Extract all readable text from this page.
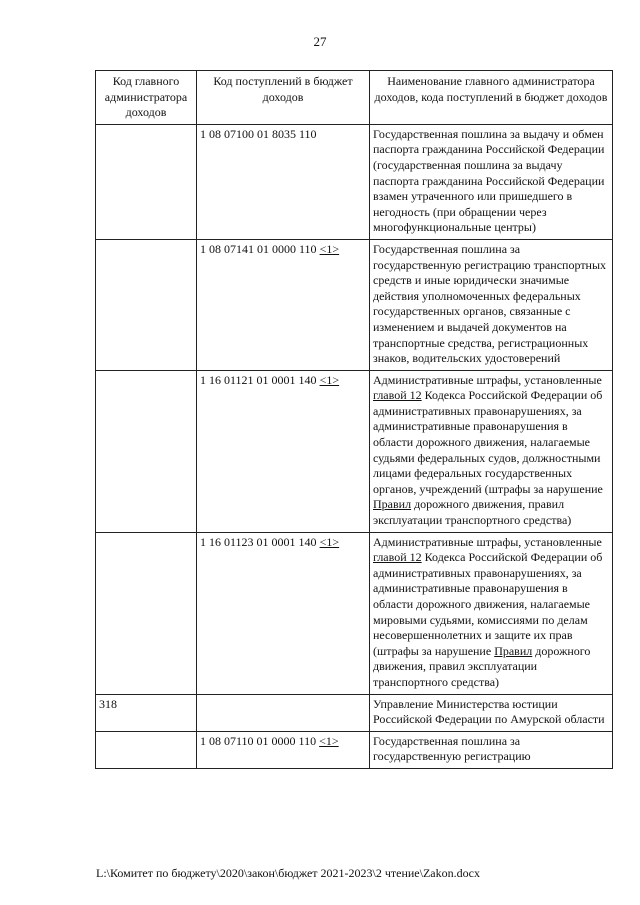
27
Код главного администратора доходов	Код поступлений в бюджет доходов	Наименование главного администратора доходов, кода поступлений в бюджет доходов
	1 08 07100 01 8035 110	Государственная пошлина за выдачу и обмен паспорта гражданина Российской Федерации (государственная пошлина за выдачу паспорта гражданина Российской Федерации взамен утраченного или пришедшего в негодность (при обращении через многофункциональные центры)
	1 08 07141 01 0000 110 <1>	Государственная пошлина за государственную регистрацию транспортных средств и иные юридически значимые действия уполномоченных федеральных государственных органов, связанные с изменением и выдачей документов на транспортные средства, регистрационных знаков, водительских удостоверений
	1 16 01121 01 0001 140 <1>	Административные штрафы, установленные главой 12 Кодекса Российской Федерации об административных правонарушениях, за административные правонарушения в области дорожного движения, налагаемые судьями федеральных судов, должностными лицами федеральных государственных органов, учреждений (штрафы за нарушение Правил дорожного движения, правил эксплуатации транспортного средства)
	1 16 01123 01 0001 140 <1>	Административные штрафы, установленные главой 12 Кодекса Российской Федерации об административных правонарушениях, за административные правонарушения в области дорожного движения, налагаемые мировыми судьями, комиссиями по делам несовершеннолетних и защите их прав (штрафы за нарушение Правил дорожного движения, правил эксплуатации транспортного средства)
318		Управление Министерства юстиции Российской Федерации по Амурской области
	1 08 07110 01 0000 110 <1>	Государственная пошлина за государственную регистрацию
L:\Комитет по бюджету\2020\закон\бюджет 2021-2023\2 чтение\Zakon.docx
